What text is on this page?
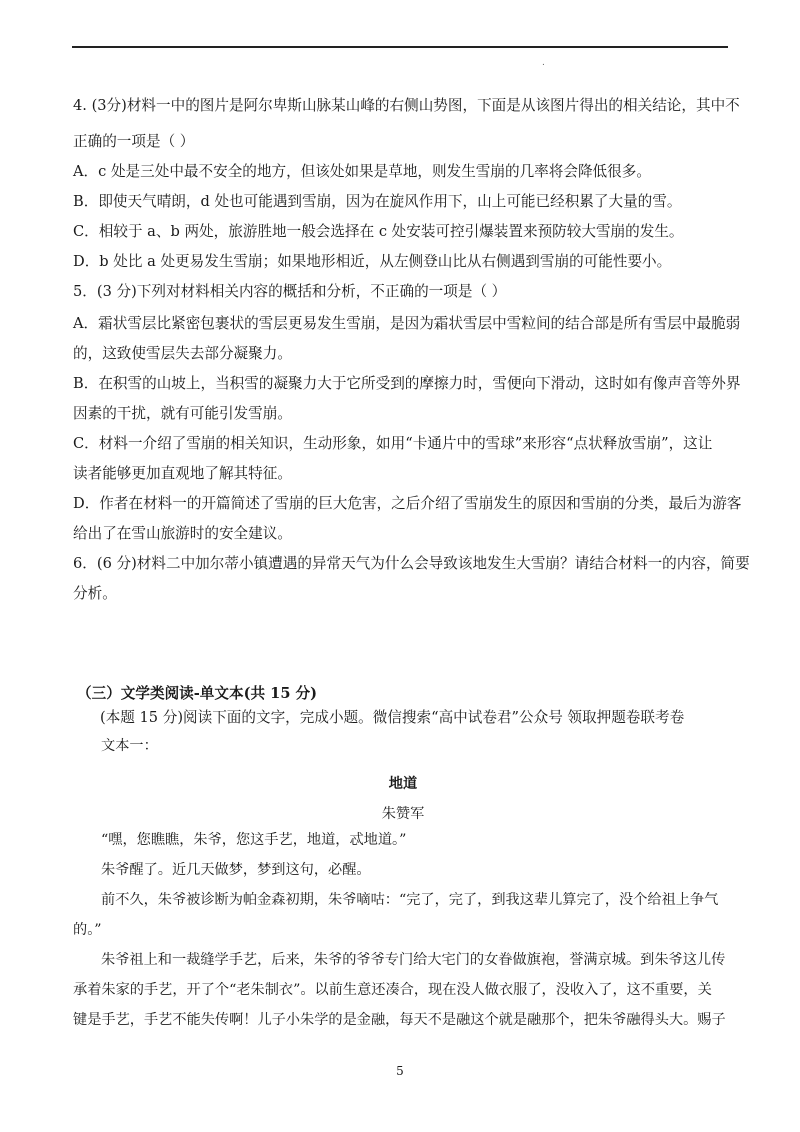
.

4. (3分)材料一中的图片是阿尔卑斯山脉某山峰的右侧山势图，下面是从该图片得出的相关结论，其中不

正确的一项是（ ）

A．c 处是三处中最不安全的地方，但该处如果是草地，则发生雪崩的几率将会降低很多。

B．即使天气晴朗，d 处也可能遇到雪崩，因为在旋风作用下，山上可能已经积累了大量的雪。

C．相较于 a、b 两处，旅游胜地一般会选择在 c 处安装可控引爆装置来预防较大雪崩的发生。

D．b 处比 a 处更易发生雪崩；如果地形相近，从左侧登山比从右侧遇到雪崩的可能性要小。

5．(3 分)下列对材料相关内容的概括和分析，不正确的一项是（ ）

A．霜状雪层比紧密包裹状的雪层更易发生雪崩，是因为霜状雪层中雪粒间的结合部是所有雪层中最脆弱

的，这致使雪层失去部分凝聚力。

B．在积雪的山坡上，当积雪的凝聚力大于它所受到的摩擦力时，雪便向下滑动，这时如有像声音等外界

因素的干扰，就有可能引发雪崩。

C．材料一介绍了雪崩的相关知识，生动形象，如用“卡通片中的雪球”来形容“点状释放雪崩”，这让

读者能够更加直观地了解其特征。

D．作者在材料一的开篇简述了雪崩的巨大危害，之后介绍了雪崩发生的原因和雪崩的分类，最后为游客

给出了在雪山旅游时的安全建议。

6．(6 分)材料二中加尔蒂小镇遭遇的异常天气为什么会导致该地发生大雪崩？请结合材料一的内容，简要

分析。

（三）文学类阅读-单文本(共 15 分)

(本题 15 分)阅读下面的文字，完成小题。微信搜索“高中试卷君”公众号 领取押题卷联考卷

文本一：

地道

朱赞军

“嘿，您瞧瞧，朱爷，您这手艺，地道，忒地道。”

朱爷醒了。近几天做梦，梦到这句，必醒。

前不久，朱爷被诊断为帕金森初期，朱爷嘀咕：“完了，完了，到我这辈儿算完了，没个给祖上争气

的。”

朱爷祖上和一裁缝学手艺，后来，朱爷的爷爷专门给大宅门的女眷做旗袍，誉满京城。到朱爷这儿传

承着朱家的手艺，开了个“老朱制衣”。以前生意还凑合，现在没人做衣服了，没收入了，这不重要，关

键是手艺，手艺不能失传啊！儿子小朱学的是金融，每天不是融这个就是融那个，把朱爷融得头大。赐子

5
